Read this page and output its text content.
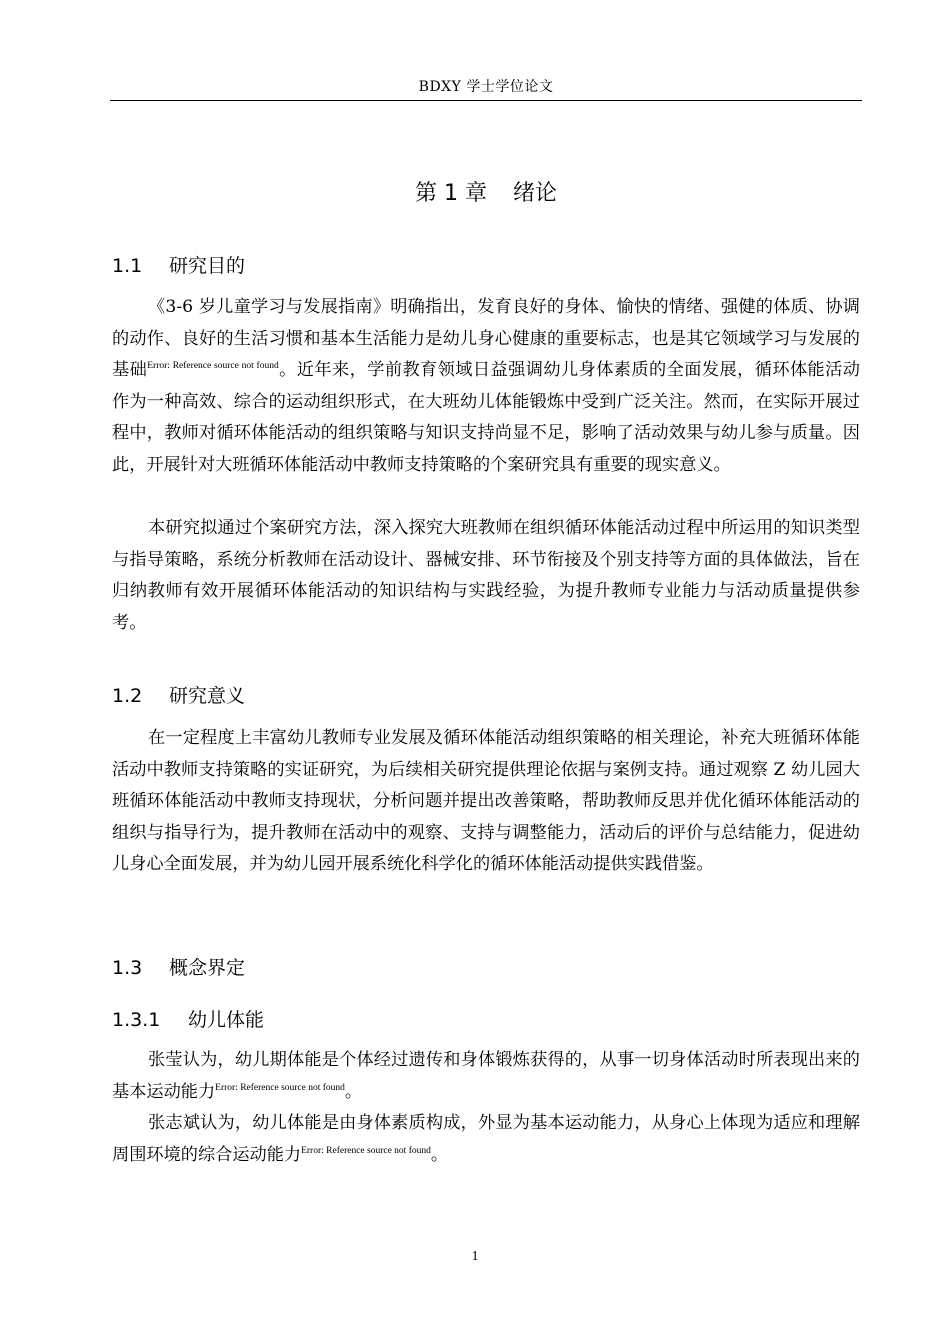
BDXY 学士学位论文
第 1 章 绪论
1.1 研究目的

《3-6 岁儿童学习与发展指南》明确指出，发育良好的身体、愉快的情绪、强健的体质、协调的动作、良好的生活习惯和基本生活能力是幼儿身心健康的重要标志，也是其它领域学习与发展的基础$^{Error: Reference source not found}$。近年来，学前教育领域日益强调幼儿身体素质的全面发展，循环体能活动作为一种高效、综合的运动组织形式，在大班幼儿体能锻炼中受到广泛关注。然而，在实际开展过程中，教师对循环体能活动的组织策略与知识支持尚显不足，影响了活动效果与幼儿参与质量。因此，开展针对大班循环体能活动中教师支持策略的个案研究具有重要的现实意义。

本研究拟通过个案研究方法，深入探究大班教师在组织循环体能活动过程中所运用的知识类型与指导策略，系统分析教师在活动设计、器械安排、环节衔接及个别支持等方面的具体做法，旨在归纳教师有效开展循环体能活动的知识结构与实践经验，为提升教师专业能力与活动质量提供参考。

1.2 研究意义

在一定程度上丰富幼儿教师专业发展及循环体能活动组织策略的相关理论，补充大班循环体能活动中教师支持策略的实证研究，为后续相关研究提供理论依据与案例支持。通过观察 Z 幼儿园大班循环体能活动中教师支持现状，分析问题并提出改善策略，帮助教师反思并优化循环体能活动的组织与指导行为，提升教师在活动中的观察、支持与调整能力，活动后的评价与总结能力，促进幼儿身心全面发展，并为幼儿园开展系统化科学化的循环体能活动提供实践借鉴。

1.3 概念界定
1.3.1 幼儿体能

张莹认为，幼儿期体能是个体经过遗传和身体锻炼获得的，从事一切身体活动时所表现出来的基本运动能力$^{Error: Reference source not found}$。

张志斌认为，幼儿体能是由身体素质构成，外显为基本运动能力，从身心上体现为适应和理解周围环境的综合运动能力$^{Error: Reference source not found}$。

1
